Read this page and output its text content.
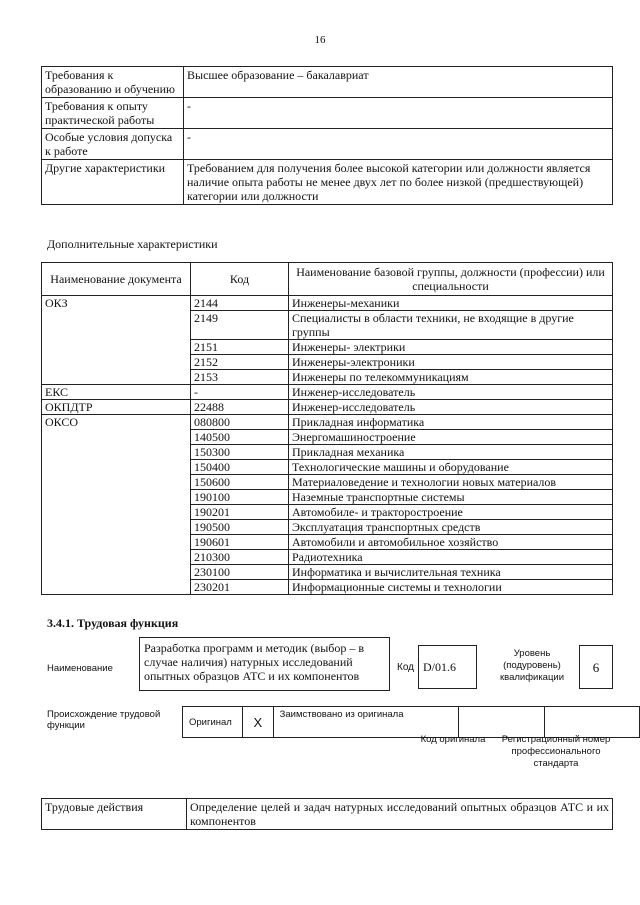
16
Требования к образованию и обучению	Высшее образование – бакалавриат
Требования к опыту практической работы	-
Особые условия допуска к работе	-
Другие характеристики	Требованием для получения более высокой категории или должности является наличие опыта работы не менее двух лет по более низкой (предшествующей) категории или должности
Дополнительные характеристики
Наименование документа	Код	Наименование базовой группы, должности (профессии) или специальности
ОКЗ	2144	Инженеры-механики
	2149	Специалисты в области техники, не входящие в другие группы
	2151	Инженеры- электрики
	2152	Инженеры-электроники
	2153	Инженеры по телекоммуникациям
ЕКС	-	Инженер-исследователь
ОКПДТР	22488	Инженер-исследователь
ОКСО	080800	Прикладная информатика
	140500	Энергомашиностроение
	150300	Прикладная механика
	150400	Технологические машины и оборудование
	150600	Материаловедение и технологии новых материалов
	190100	Наземные транспортные системы
	190201	Автомобиле- и тракторостроение
	190500	Эксплуатация транспортных средств
	190601	Автомобили и автомобильное хозяйство
	210300	Радиотехника
	230100	Информатика и вычислительная техника
	230201	Информационные системы и технологии
3.4.1. Трудовая функция
Наименование
Разработка программ и методик (выбор – в случае наличия) натурных исследований опытных образцов АТС и их компонентов
Код D/01.6
Уровень (подуровень) квалификации
6
Происхождение трудовой функции	Оригинал	X	Заимствовано из оригинала		
Код оригинала Регистрационный номер профессионального стандарта
Трудовые действия	Определение целей и задач натурных исследований опытных образцов АТС и их компонентов
